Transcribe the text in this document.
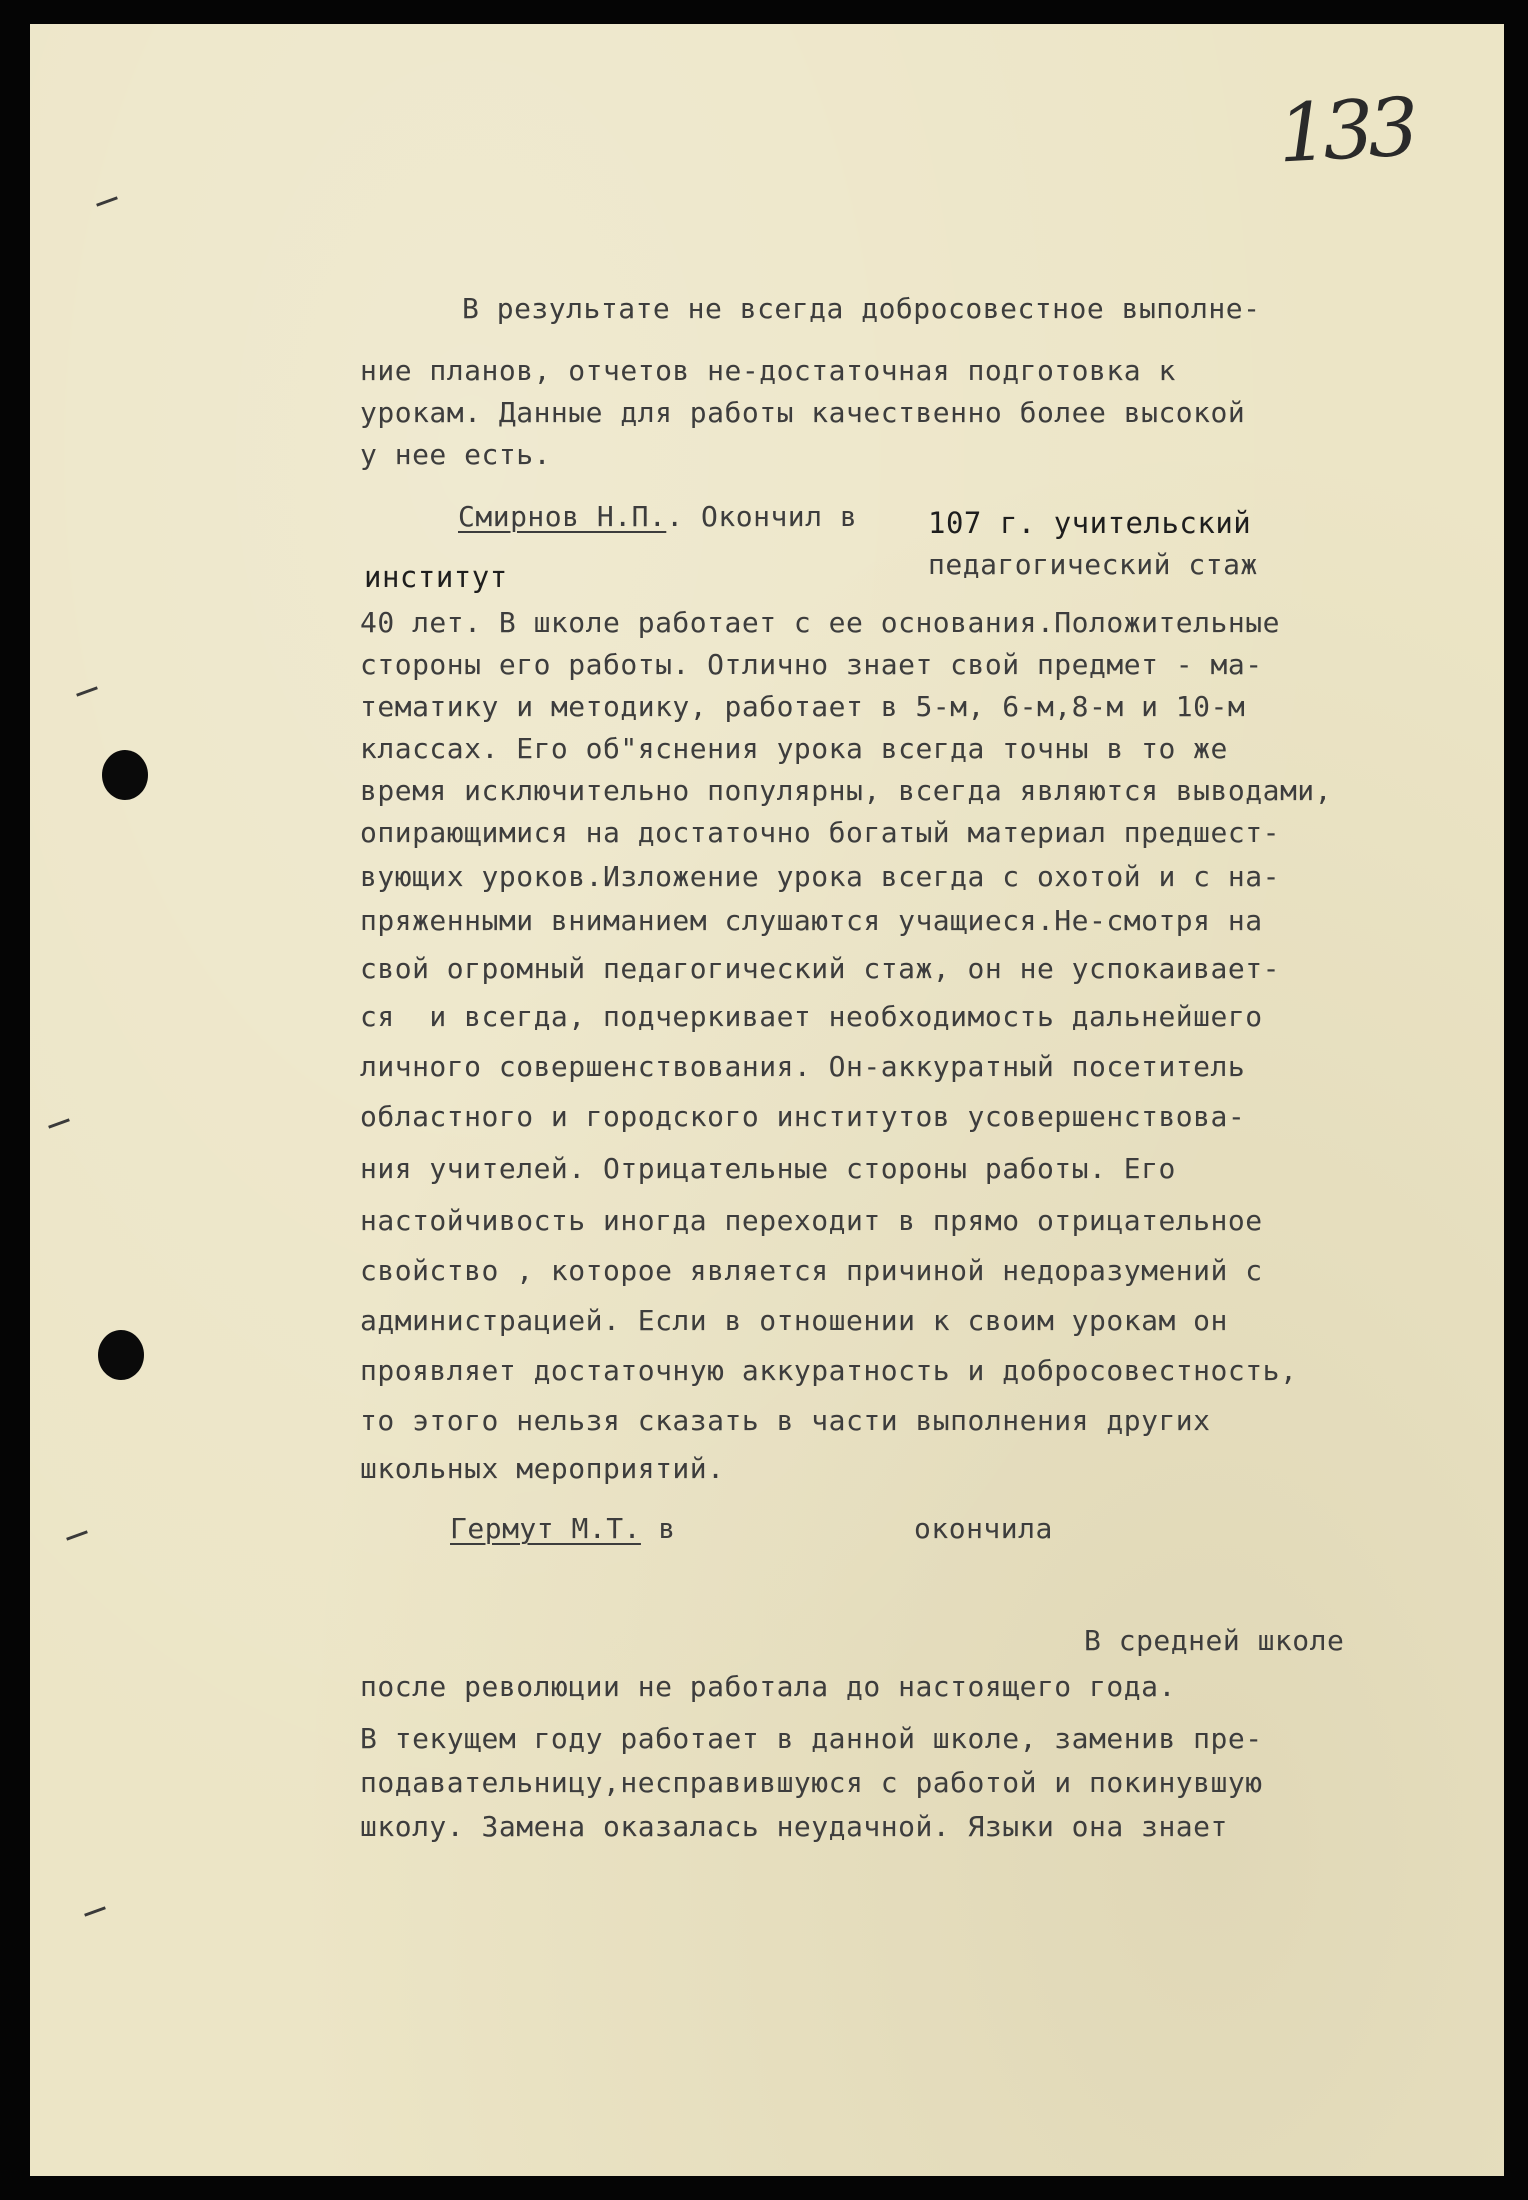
133
В результате не всегда добросовестное выполне-
ние планов, отчетов не-достаточная подготовка к
урокам. Данные для работы качественно более высокой
у нее есть.
Смирнов Н.П.. Окончил в 107 г. учительский
институт	педагогический стаж
40 лет. В школе работает с ее основания.Положительные
стороны его работы. Отлично знает свой предмет - ма-
тематику и методику, работает в 5-м, 6-м,8-м и 10-м
классах. Его об"яснения урока всегда точны в то же
время исключительно популярны, всегда являются выводами,
опирающимися на достаточно богатый материал предшест-
вующих уроков.Изложение урока всегда с охотой и с на-
пряженными вниманием слушаются учащиеся.Не-смотря на
свой огромный педагогический стаж, он не успокаивает-
ся  и всегда, подчеркивает необходимость дальнейшего
личного совершенствования. Он-аккуратный посетитель
областного и городского институтов усовершенствова-
ния учителей. Отрицательные стороны работы. Его
настойчивость иногда переходит в прямо отрицательное
свойство , которое является причиной недоразумений с
администрацией. Если в отношении к своим урокам он
проявляет достаточную аккуратность и добросовестность,
то этого нельзя сказать в части выполнения других
школьных мероприятий.
Гермут М.Т. в	окончила
В средней школе
после революции не работала до настоящего года.
В текущем году работает в данной школе, заменив пре-
подавательницу,несправившуюся с работой и покинувшую
школу. Замена оказалась неудачной. Языки она знает
